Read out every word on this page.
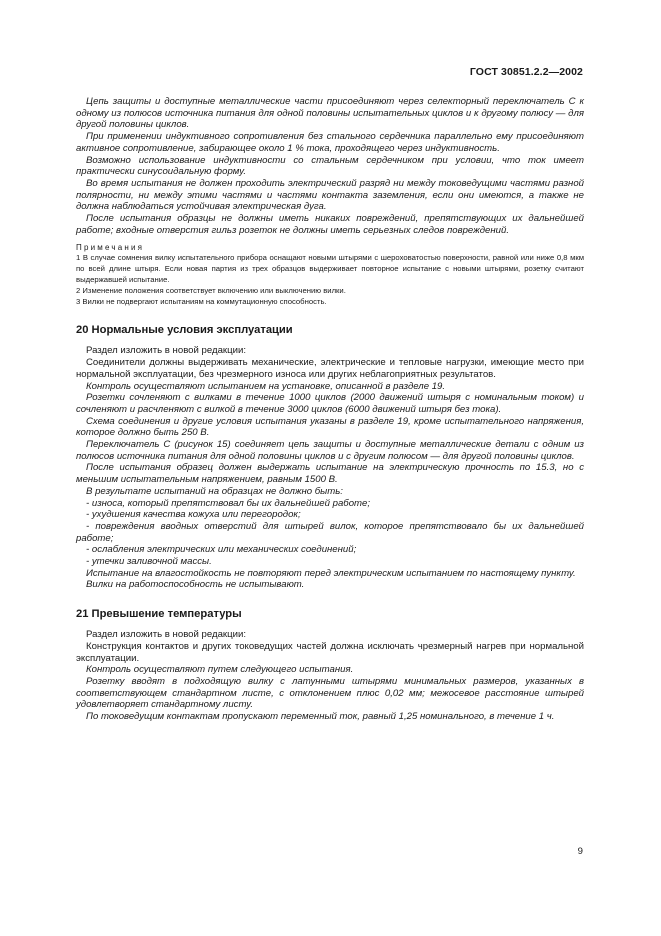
ГОСТ 30851.2.2—2002

Цепь защиты и доступные металлические части присоединяют через селекторный переключатель С к одному из полюсов источника питания для одной половины испытательных циклов и к другому полюсу — для другой половины циклов.

При применении индуктивного сопротивления без стального сердечника параллельно ему присоединяют активное сопротивление, забирающее около 1 % тока, проходящего через индуктивность.

Возможно использование индуктивности со стальным сердечником при условии, что ток имеет практически синусоидальную форму.

Во время испытания не должен проходить электрический разряд ни между токоведущими частями разной полярности, ни между этими частями и частями контакта заземления, если они имеются, а также не должна наблюдаться устойчивая электрическая дуга.

После испытания образцы не должны иметь никаких повреждений, препятствующих их дальнейшей работе; входные отверстия гильз розеток не должны иметь серьезных следов повреждений.

Примечания
1 В случае сомнения вилку испытательного прибора оснащают новыми штырями с шероховатостью поверхности, равной или ниже 0,8 мкм по всей длине штыря. Если новая партия из трех образцов выдерживает повторное испытание с новыми штырями, розетку считают выдержавшей испытание.
2 Изменение положения соответствует включению или выключению вилки.
3 Вилки не подвергают испытаниям на коммутационную способность.
20 Нормальные условия эксплуатации

Раздел изложить в новой редакции:

Соединители должны выдерживать механические, электрические и тепловые нагрузки, имеющие место при нормальной эксплуатации, без чрезмерного износа или других неблагоприятных результатов.

Контроль осуществляют испытанием на установке, описанной в разделе 19.

Розетки сочленяют с вилками в течение 1000 циклов (2000 движений штыря с номинальным током) и сочленяют и расчленяют с вилкой в течение 3000 циклов (6000 движений штыря без тока).

Схема соединения и другие условия испытания указаны в разделе 19, кроме испытательного напряжения, которое должно быть 250 В.

Переключатель С (рисунок 15) соединяет цепь защиты и доступные металлические детали с одним из полюсов источника питания для одной половины циклов и с другим полюсом — для другой половины циклов.

После испытания образец должен выдержать испытание на электрическую прочность по 15.3, но с меньшим испытательным напряжением, равным 1500 В.

В результате испытаний на образцах не должно быть:

- износа, который препятствовал бы их дальнейшей работе;

- ухудшения качества кожуха или перегородок;

- повреждения вводных отверстий для штырей вилок, которое препятствовало бы их дальнейшей работе;

- ослабления электрических или механических соединений;

- утечки заливочной массы.

Испытание на влагостойкость не повторяют перед электрическим испытанием по настоящему пункту.

Вилки на работоспособность не испытывают.

21 Превышение температуры

Раздел изложить в новой редакции:

Конструкция контактов и других токоведущих частей должна исключать чрезмерный нагрев при нормальной эксплуатации.

Контроль осуществляют путем следующего испытания.

Розетку вводят в подходящую вилку с латунными штырями минимальных размеров, указанных в соответствующем стандартном листе, с отклонением плюс 0,02 мм; межосевое расстояние штырей удовлетворяет стандартному листу.

По токоведущим контактам пропускают переменный ток, равный 1,25 номинального, в течение 1 ч.

9
